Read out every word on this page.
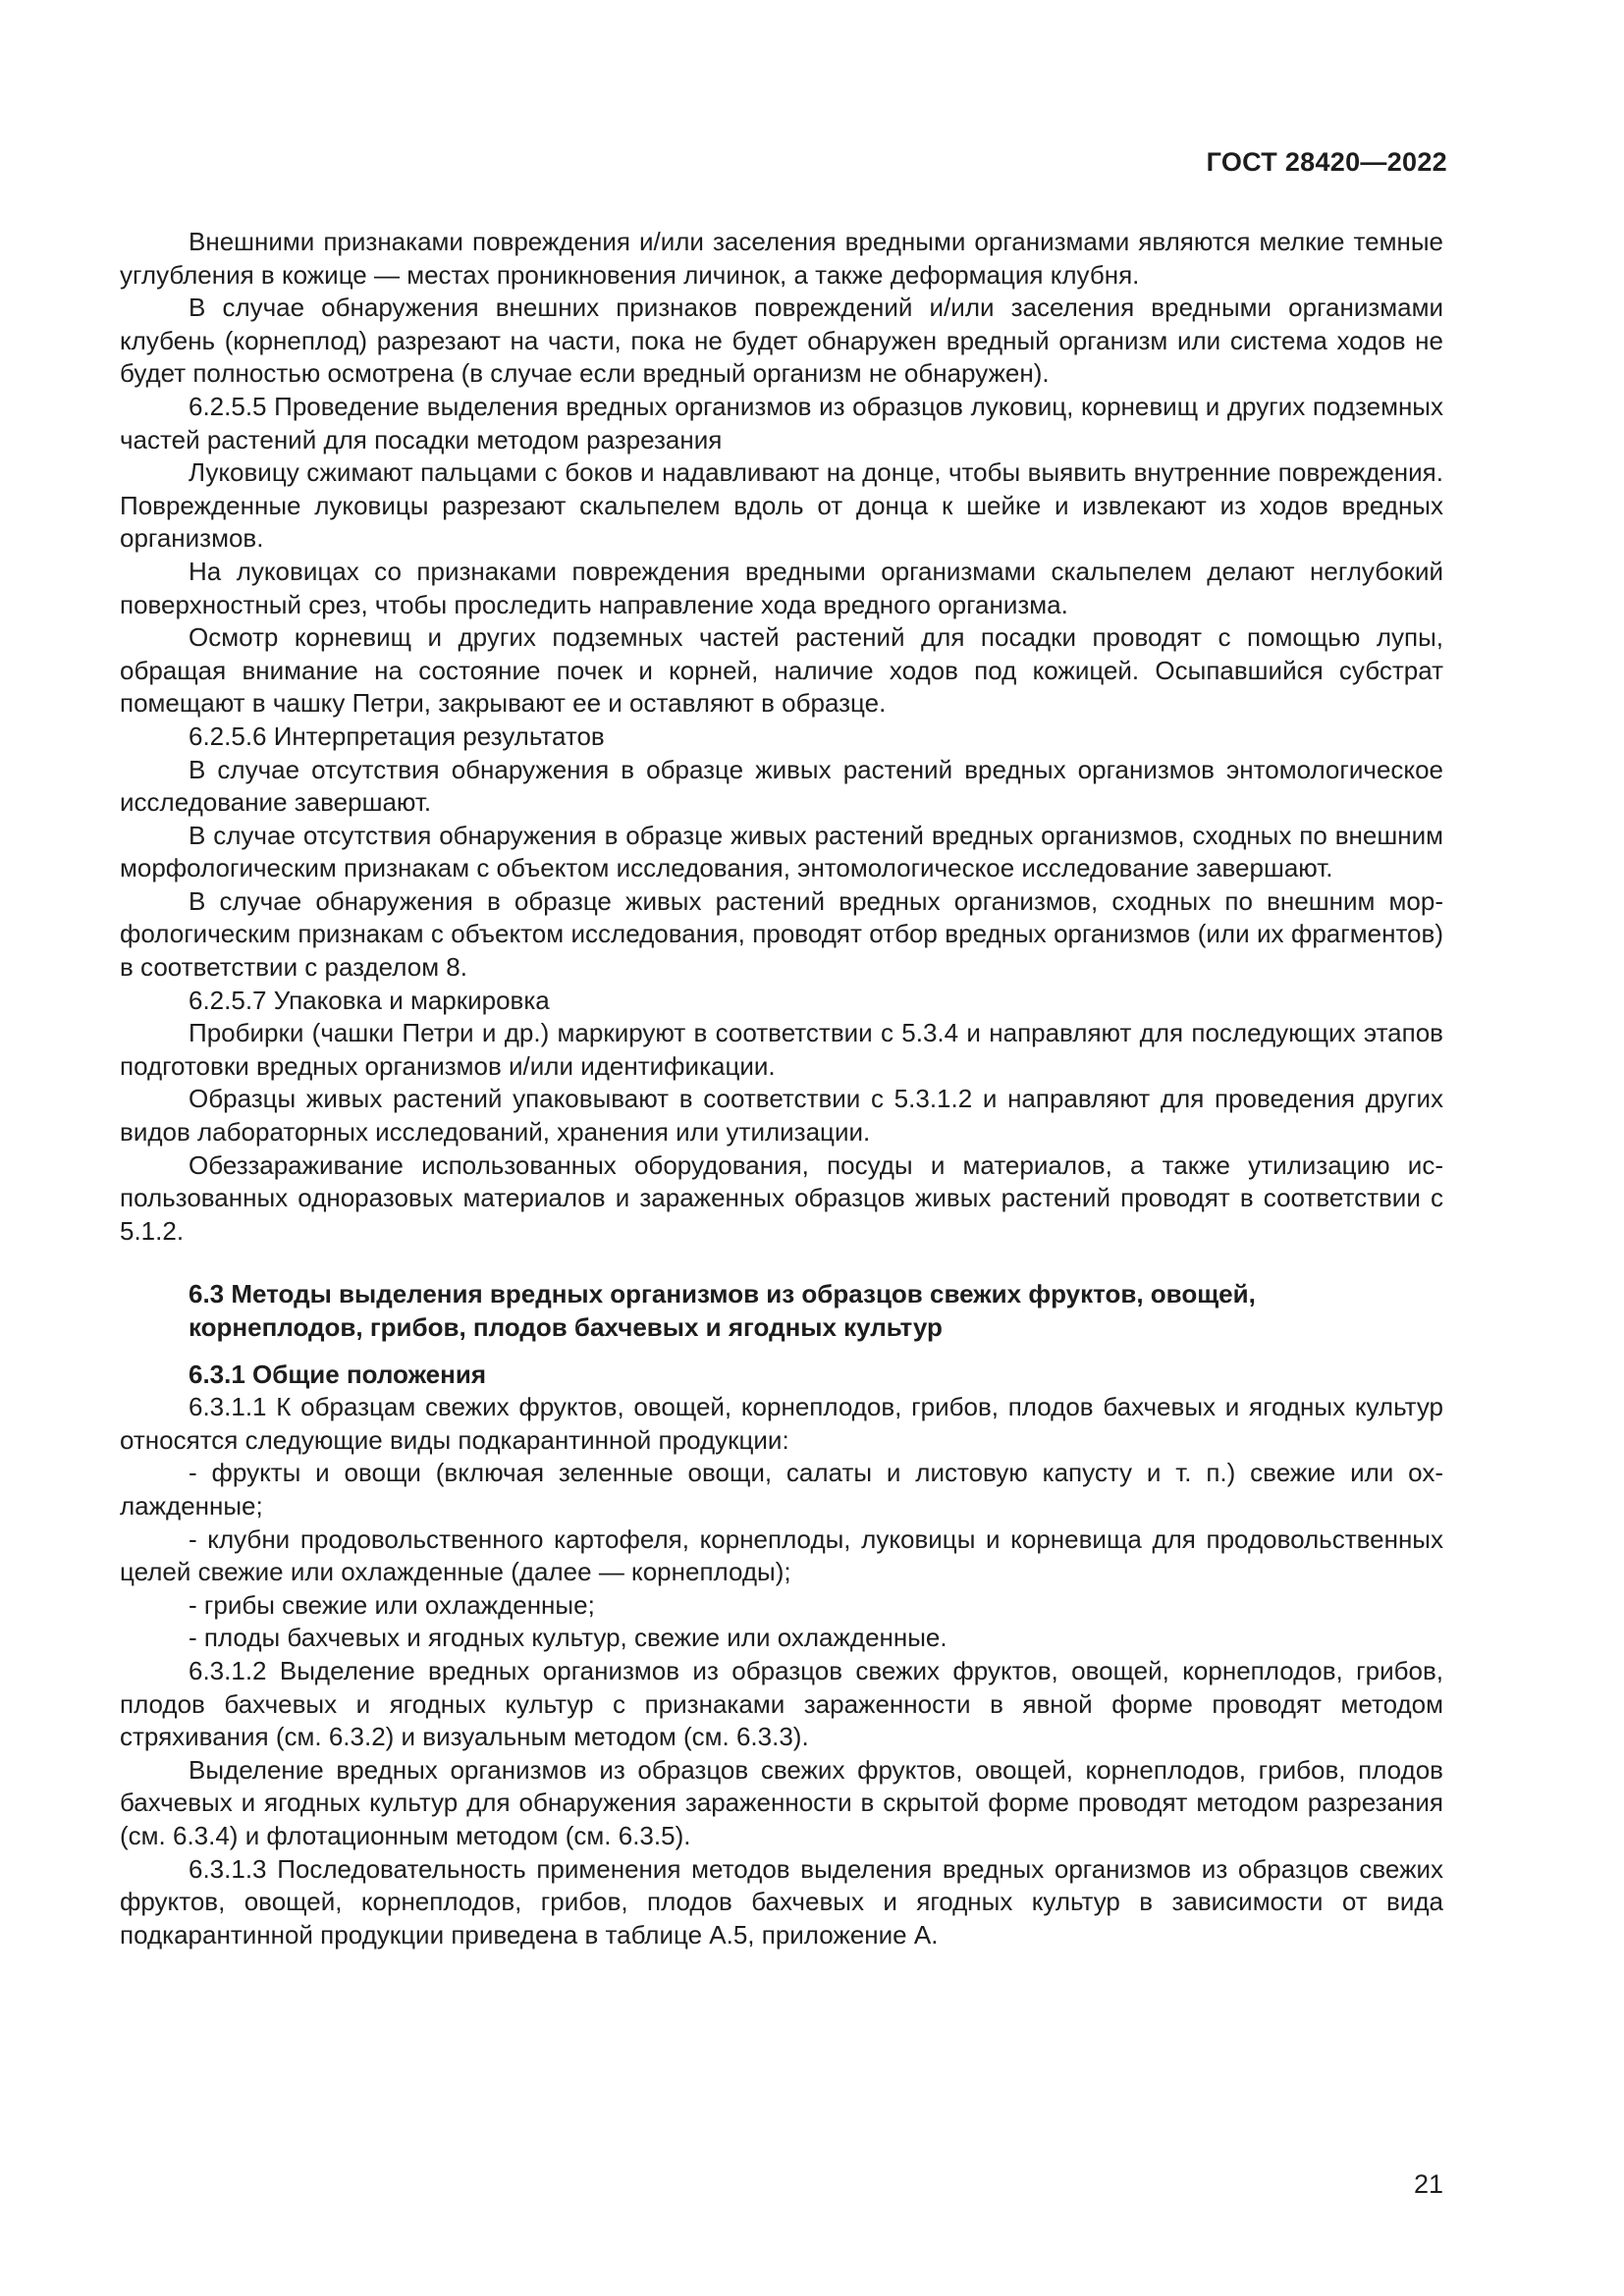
ГОСТ 28420—2022

Внешними признаками повреждения и/или заселения вредными организмами являются мелкие темные углубления в кожице — местах проникновения личинок, а также деформация клубня.

В случае обнаружения внешних признаков повреждений и/или заселения вредными организмами клубень (корнеплод) разрезают на части, пока не будет обнаружен вредный организм или система ходов не будет полностью осмотрена (в случае если вредный организм не обнаружен).

6.2.5.5 Проведение выделения вредных организмов из образцов луковиц, корневищ и других подземных частей растений для посадки методом разрезания

Луковицу сжимают пальцами с боков и надавливают на донце, чтобы выявить внутренние повреждения. Поврежденные луковицы разрезают скальпелем вдоль от донца к шейке и извлекают из ходов вредных организмов.

На луковицах со признаками повреждения вредными организмами скальпелем делают неглубокий поверхностный срез, чтобы проследить направление хода вредного организма.

Осмотр корневищ и других подземных частей растений для посадки проводят с помощью лупы, обращая внимание на состояние почек и корней, наличие ходов под кожицей. Осыпавшийся субстрат помещают в чашку Петри, закрывают ее и оставляют в образце.

6.2.5.6 Интерпретация результатов

В случае отсутствия обнаружения в образце живых растений вредных организмов энтомологическое исследование завершают.

В случае отсутствия обнаружения в образце живых растений вредных организмов, сходных по внешним морфологическим признакам с объектом исследования, энтомологическое исследование завершают.

В случае обнаружения в образце живых растений вредных организмов, сходных по внешним морфологическим признакам с объектом исследования, проводят отбор вредных организмов (или их фрагментов) в соответствии с разделом 8.

6.2.5.7 Упаковка и маркировка

Пробирки (чашки Петри и др.) маркируют в соответствии с 5.3.4 и направляют для последующих этапов подготовки вредных организмов и/или идентификации.

Образцы живых растений упаковывают в соответствии с 5.3.1.2 и направляют для проведения других видов лабораторных исследований, хранения или утилизации.

Обеззараживание использованных оборудования, посуды и материалов, а также утилизацию использованных одноразовых материалов и зараженных образцов живых растений проводят в соответствии с 5.1.2.

6.3 Методы выделения вредных организмов из образцов свежих фруктов, овощей,
корнеплодов, грибов, плодов бахчевых и ягодных культур
6.3.1 Общие положения

6.3.1.1 К образцам свежих фруктов, овощей, корнеплодов, грибов, плодов бахчевых и ягодных культур относятся следующие виды подкарантинной продукции:

- фрукты и овощи (включая зеленные овощи, салаты и листовую капусту и т. п.) свежие или охлажденные;

- клубни продовольственного картофеля, корнеплоды, луковицы и корневища для продовольственных целей свежие или охлажденные (далее — корнеплоды);

- грибы свежие или охлажденные;

- плоды бахчевых и ягодных культур, свежие или охлажденные.

6.3.1.2 Выделение вредных организмов из образцов свежих фруктов, овощей, корнеплодов, грибов, плодов бахчевых и ягодных культур с признаками зараженности в явной форме проводят методом стряхивания (см. 6.3.2) и визуальным методом (см. 6.3.3).

Выделение вредных организмов из образцов свежих фруктов, овощей, корнеплодов, грибов, плодов бахчевых и ягодных культур для обнаружения зараженности в скрытой форме проводят методом разрезания (см. 6.3.4) и флотационным методом (см. 6.3.5).

6.3.1.3 Последовательность применения методов выделения вредных организмов из образцов свежих фруктов, овощей, корнеплодов, грибов, плодов бахчевых и ягодных культур в зависимости от вида подкарантинной продукции приведена в таблице А.5, приложение А.

21
